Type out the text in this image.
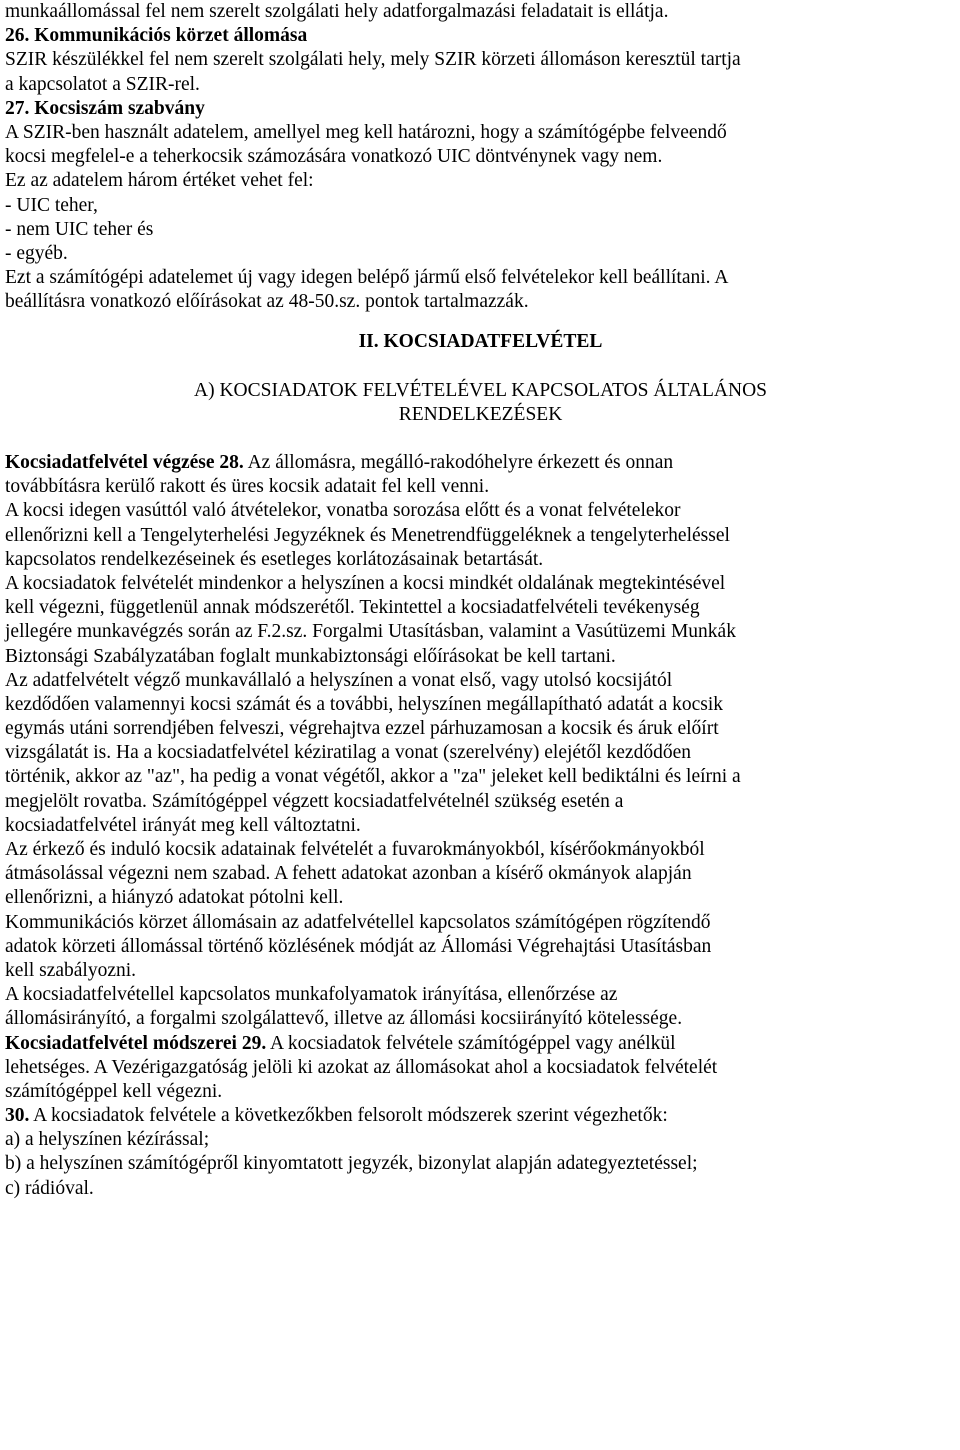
munkaállomással fel nem szerelt szolgálati hely adatforgalmazási feladatait is ellátja.

26. Kommunikációs körzet állomása

SZIR készülékkel fel nem szerelt szolgálati hely, mely SZIR körzeti állomáson keresztül tartja

a kapcsolatot a SZIR-rel.

27. Kocsiszám szabvány

A SZIR-ben használt adatelem, amellyel meg kell határozni, hogy a számítógépbe felveendő

kocsi megfelel-e a teherkocsik számozására vonatkozó UIC döntvénynek vagy nem.

Ez az adatelem három értéket vehet fel:

- UIC teher,

- nem UIC teher és

- egyéb.

Ezt a számítógépi adatelemet új vagy idegen belépő jármű első felvételekor kell beállítani. A

beállításra vonatkozó előírásokat az 48-50.sz. pontok tartalmazzák.

II. KOCSIADATFELVÉTEL

A) KOCSIADATOK FELVÉTELÉVEL KAPCSOLATOS ÁLTALÁNOS

RENDELKEZÉSEK

Kocsiadatfelvétel végzése 28. Az állomásra, megálló-rakodóhelyre érkezett és onnan

továbbításra kerülő rakott és üres kocsik adatait fel kell venni.

A kocsi idegen vasúttól való átvételekor, vonatba sorozása előtt és a vonat felvételekor

ellenőrizni kell a Tengelyterhelési Jegyzéknek és Menetrendfüggeléknek a tengelyterheléssel

kapcsolatos rendelkezéseinek és esetleges korlátozásainak betartását.

A kocsiadatok felvételét mindenkor a helyszínen a kocsi mindkét oldalának megtekintésével

kell végezni, függetlenül annak módszerétől. Tekintettel a kocsiadatfelvételi tevékenység

jellegére munkavégzés során az F.2.sz. Forgalmi Utasításban, valamint a Vasútüzemi Munkák

Biztonsági Szabályzatában foglalt munkabiztonsági előírásokat be kell tartani.

Az adatfelvételt végző munkavállaló a helyszínen a vonat első, vagy utolsó kocsijától

kezdődően valamennyi kocsi számát és a további, helyszínen megállapítható adatát a kocsik

egymás utáni sorrendjében felveszi, végrehajtva ezzel párhuzamosan a kocsik és áruk előírt

vizsgálatát is. Ha a kocsiadatfelvétel kéziratilag a vonat (szerelvény) elejétől kezdődően

történik, akkor az "az", ha pedig a vonat végétől, akkor a "za" jeleket kell bediktálni és leírni a

megjelölt rovatba. Számítógéppel végzett kocsiadatfelvételnél szükség esetén a

kocsiadatfelvétel irányát meg kell változtatni.

Az érkező és induló kocsik adatainak felvételét a fuvarokmányokból, kísérőokmányokból

átmásolással végezni nem szabad. A fehett adatokat azonban a kísérő okmányok alapján

ellenőrizni, a hiányzó adatokat pótolni kell.

Kommunikációs körzet állomásain az adatfelvétellel kapcsolatos számítógépen rögzítendő

adatok körzeti állomással történő közlésének módját az Állomási Végrehajtási Utasításban

kell szabályozni.

A kocsiadatfelvétellel kapcsolatos munkafolyamatok irányítása, ellenőrzése az

állomásirányító, a forgalmi szolgálattevő, illetve az állomási kocsiirányító kötelessége.

Kocsiadatfelvétel módszerei 29. A kocsiadatok felvétele számítógéppel vagy anélkül

lehetséges. A Vezérigazgatóság jelöli ki azokat az állomásokat ahol a kocsiadatok felvételét

számítógéppel kell végezni.

30. A kocsiadatok felvétele a következőkben felsorolt módszerek szerint végezhetők:

a) a helyszínen kézírással;

b) a helyszínen számítógépről kinyomtatott jegyzék, bizonylat alapján adategyeztetéssel;

c) rádióval.
